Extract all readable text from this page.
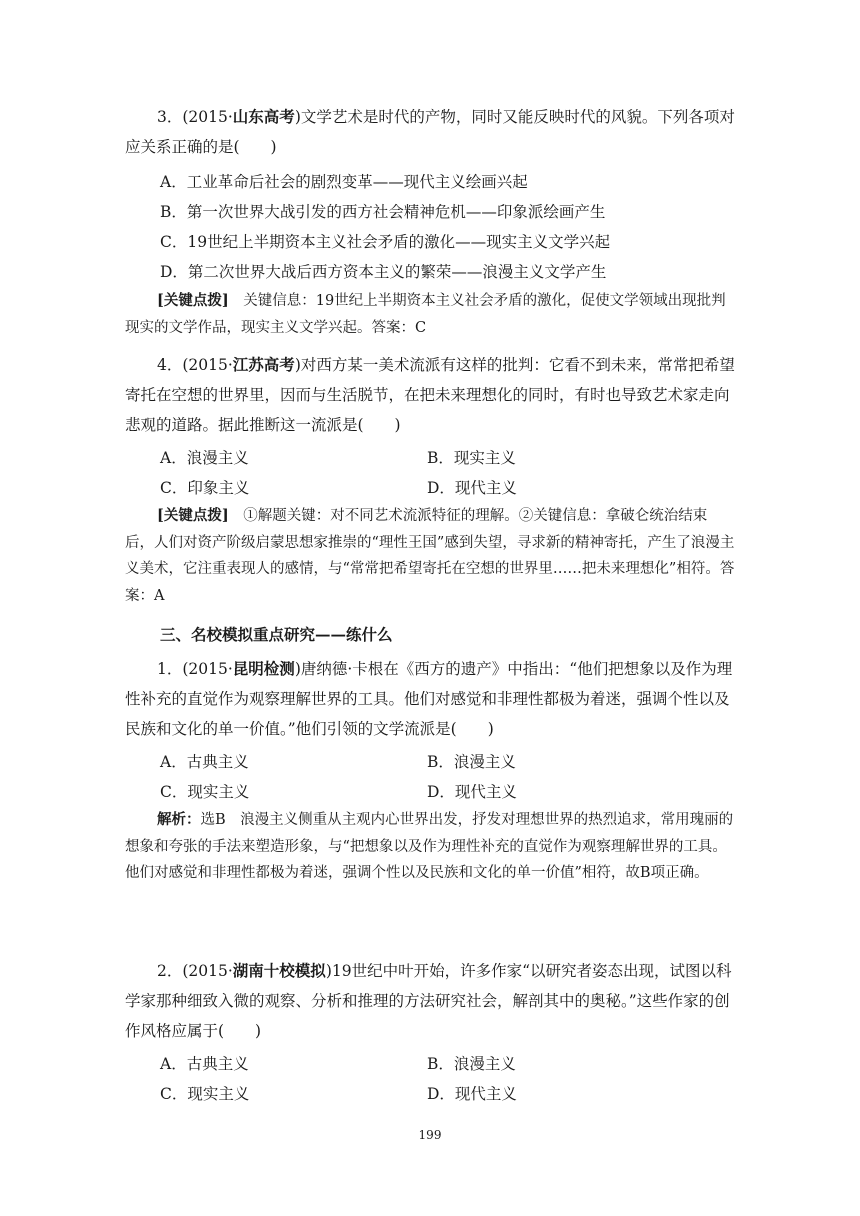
3．(2015·山东高考)文学艺术是时代的产物，同时又能反映时代的风貌。下列各项对应关系正确的是(　　)

A．工业革命后社会的剧烈变革——现代主义绘画兴起
B．第一次世界大战引发的西方社会精神危机——印象派绘画产生
C．19世纪上半期资本主义社会矛盾的激化——现实主义文学兴起
D．第二次世界大战后西方资本主义的繁荣——浪漫主义文学产生

[关键点拨]　关键信息：19世纪上半期资本主义社会矛盾的激化，促使文学领域出现批判现实的文学作品，现实主义文学兴起。答案：C

4．(2015·江苏高考)对西方某一美术流派有这样的批判：它看不到未来，常常把希望寄托在空想的世界里，因而与生活脱节，在把未来理想化的同时，有时也导致艺术家走向悲观的道路。据此推断这一流派是(　　)

A．浪漫主义	B．现实主义
C．印象主义	D．现代主义

[关键点拨]　①解题关键：对不同艺术流派特征的理解。②关键信息：拿破仑统治结束后，人们对资产阶级启蒙思想家推崇的“理性王国”感到失望，寻求新的精神寄托，产生了浪漫主义美术，它注重表现人的感情，与“常常把希望寄托在空想的世界里……把未来理想化”相符。答案：A

三、名校模拟重点研究——练什么

1．(2015·昆明检测)唐纳德·卡根在《西方的遗产》中指出：“他们把想象以及作为理性补充的直觉作为观察理解世界的工具。他们对感觉和非理性都极为着迷，强调个性以及民族和文化的单一价值。”他们引领的文学流派是(　　)

A．古典主义	B．浪漫主义
C．现实主义	D．现代主义

解析：选B　浪漫主义侧重从主观内心世界出发，抒发对理想世界的热烈追求，常用瑰丽的想象和夸张的手法来塑造形象，与“把想象以及作为理性补充的直觉作为观察理解世界的工具。他们对感觉和非理性都极为着迷，强调个性以及民族和文化的单一价值”相符，故B项正确。

2．(2015·湖南十校模拟)19世纪中叶开始，许多作家“以研究者姿态出现，试图以科学家那种细致入微的观察、分析和推理的方法研究社会，解剖其中的奥秘。”这些作家的创作风格应属于(　　)

A．古典主义	B．浪漫主义
C．现实主义	D．现代主义
199
